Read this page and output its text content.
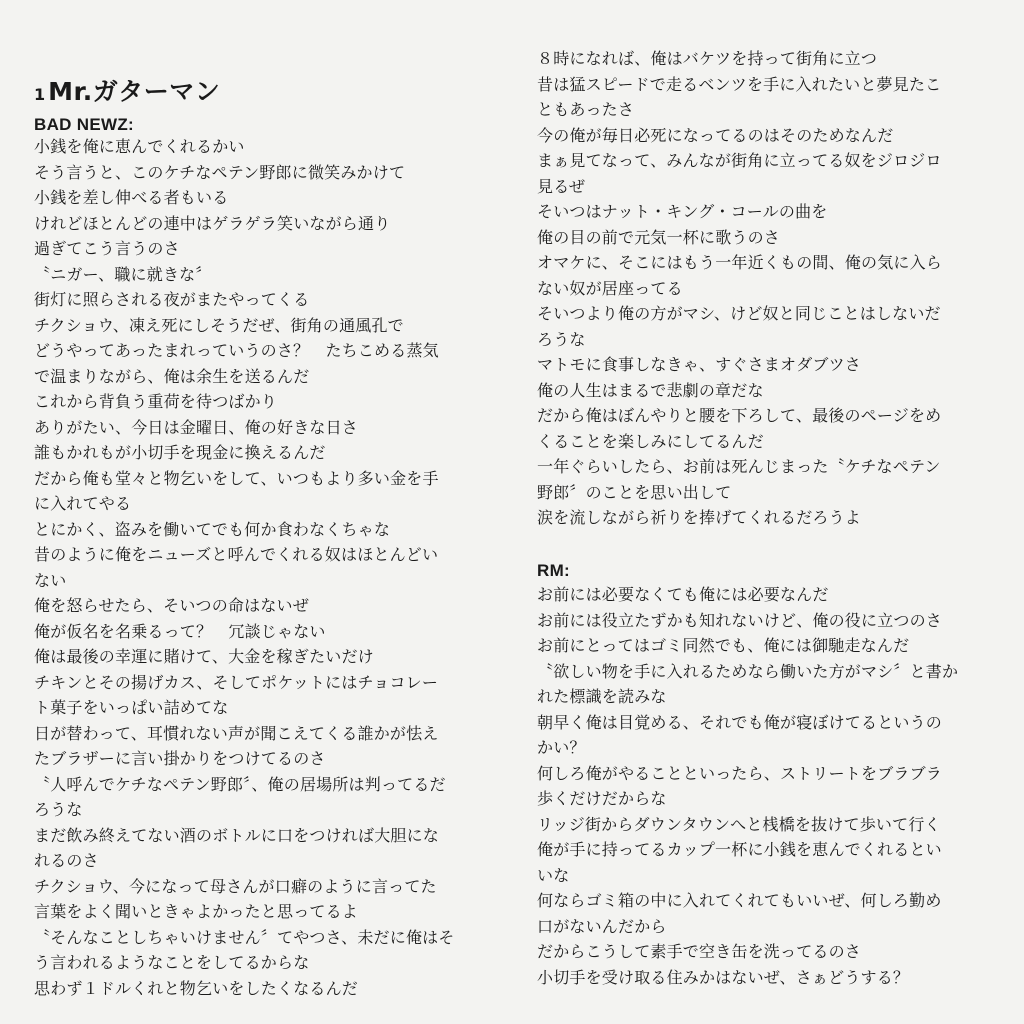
1 Mr.ガターマン
BAD NEWZ:
小銭を俺に恵んでくれるかい
そう言うと、このケチなペテン野郎に微笑みかけて
小銭を差し伸べる者もいる
けれどほとんどの連中はゲラゲラ笑いながら通り
過ぎてこう言うのさ
〝ニガー、職に就きな〞
街灯に照らされる夜がまたやってくる
チクショウ、凍え死にしそうだぜ、街角の通風孔で
どうやってあったまれっていうのさ？　たちこめる蒸気
で温まりながら、俺は余生を送るんだ
これから背負う重荷を待つばかり
ありがたい、今日は金曜日、俺の好きな日さ
誰もかれもが小切手を現金に換えるんだ
だから俺も堂々と物乞いをして、いつもより多い金を手
に入れてやる
とにかく、盗みを働いてでも何か食わなくちゃな
昔のように俺をニューズと呼んでくれる奴はほとんどい
ない
俺を怒らせたら、そいつの命はないぜ
俺が仮名を名乗るって？　冗談じゃない
俺は最後の幸運に賭けて、大金を稼ぎたいだけ
チキンとその揚げカス、そしてポケットにはチョコレー
ト菓子をいっぱい詰めてな
日が替わって、耳慣れない声が聞こえてくる誰かが怯え
たブラザーに言い掛かりをつけてるのさ
〝人呼んでケチなペテン野郎〞、俺の居場所は判ってるだ
ろうな
まだ飲み終えてない酒のボトルに口をつければ大胆にな
れるのさ
チクショウ、今になって母さんが口癖のように言ってた
言葉をよく聞いときゃよかったと思ってるよ
〝そんなことしちゃいけません〞てやつさ、未だに俺はそ
う言われるようなことをしてるからな
思わず１ドルくれと物乞いをしたくなるんだ
８時になれば、俺はバケツを持って街角に立つ
昔は猛スピードで走るベンツを手に入れたいと夢見たこ
ともあったさ
今の俺が毎日必死になってるのはそのためなんだ
まぁ見てなって、みんなが街角に立ってる奴をジロジロ
見るぜ
そいつはナット・キング・コールの曲を
俺の目の前で元気一杯に歌うのさ
オマケに、そこにはもう一年近くもの間、俺の気に入ら
ない奴が居座ってる
そいつより俺の方がマシ、けど奴と同じことはしないだ
ろうな
マトモに食事しなきゃ、すぐさまオダブツさ
俺の人生はまるで悲劇の章だな
だから俺はぼんやりと腰を下ろして、最後のページをめ
くることを楽しみにしてるんだ
一年ぐらいしたら、お前は死んじまった〝ケチなペテン
野郎〞のことを思い出して
涙を流しながら祈りを捧げてくれるだろうよ
RM:
お前には必要なくても俺には必要なんだ
お前には役立たずかも知れないけど、俺の役に立つのさ
お前にとってはゴミ同然でも、俺には御馳走なんだ
〝欲しい物を手に入れるためなら働いた方がマシ〞と書か
れた標識を読みな
朝早く俺は目覚める、それでも俺が寝ぼけてるというの
かい？
何しろ俺がやることといったら、ストリートをブラブラ
歩くだけだからな
リッジ街からダウンタウンへと桟橋を抜けて歩いて行く
俺が手に持ってるカップ一杯に小銭を恵んでくれるとい
いな
何ならゴミ箱の中に入れてくれてもいいぜ、何しろ勤め
口がないんだから
だからこうして素手で空き缶を洗ってるのさ
小切手を受け取る住みかはないぜ、さぁどうする？
